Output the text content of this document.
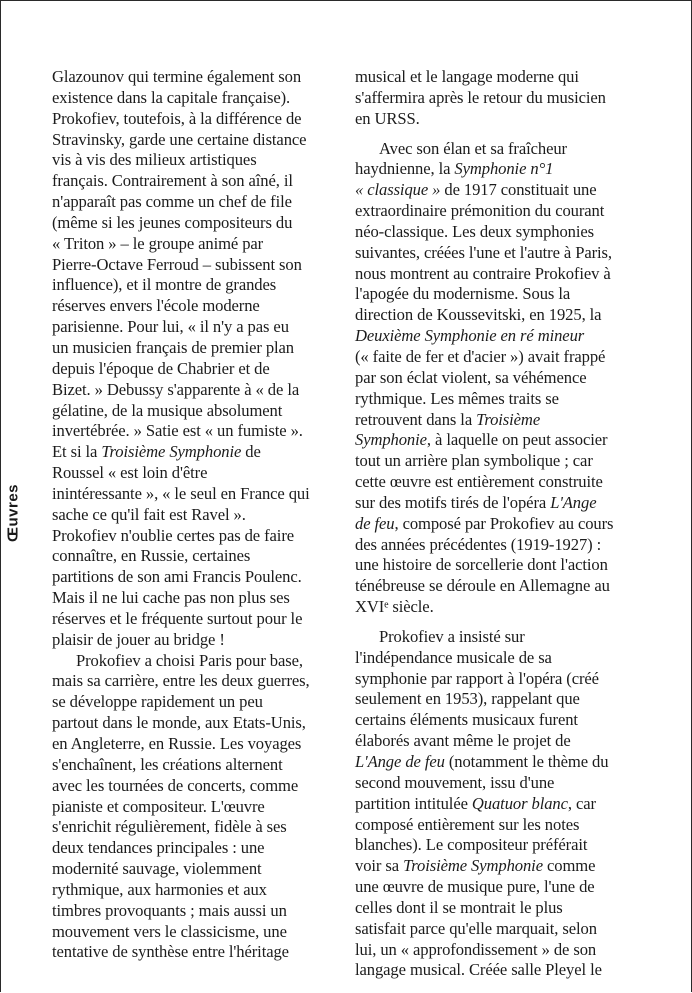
Œuvres
Glazounov qui termine également son
existence dans la capitale française).
Prokofiev, toutefois, à la différence de
Stravinsky, garde une certaine distance
vis à vis des milieux artistiques
français. Contrairement à son aîné, il
n'apparaît pas comme un chef de file
(même si les jeunes compositeurs du
« Triton » – le groupe animé par
Pierre-Octave Ferroud – subissent son
influence), et il montre de grandes
réserves envers l'école moderne
parisienne. Pour lui, « il n'y a pas eu
un musicien français de premier plan
depuis l'époque de Chabrier et de
Bizet. » Debussy s'apparente à « de la
gélatine, de la musique absolument
invertébrée. » Satie est « un fumiste ».
Et si la Troisième Symphonie de
Roussel « est loin d'être
inintéressante », « le seul en France qui
sache ce qu'il fait est Ravel ».
Prokofiev n'oublie certes pas de faire
connaître, en Russie, certaines
partitions de son ami Francis Poulenc.
Mais il ne lui cache pas non plus ses
réserves et le fréquente surtout pour le
plaisir de jouer au bridge !
Prokofiev a choisi Paris pour base,
mais sa carrière, entre les deux guerres,
se développe rapidement un peu
partout dans le monde, aux Etats-Unis,
en Angleterre, en Russie. Les voyages
s'enchaînent, les créations alternent
avec les tournées de concerts, comme
pianiste et compositeur. L'œuvre
s'enrichit régulièrement, fidèle à ses
deux tendances principales : une
modernité sauvage, violemment
rythmique, aux harmonies et aux
timbres provoquants ; mais aussi un
mouvement vers le classicisme, une
tentative de synthèse entre l'héritage
musical et le langage moderne qui
s'affermira après le retour du musicien
en URSS.
Avec son élan et sa fraîcheur
haydnienne, la Symphonie n°1
« classique » de 1917 constituait une
extraordinaire prémonition du courant
néo-classique. Les deux symphonies
suivantes, créées l'une et l'autre à Paris,
nous montrent au contraire Prokofiev à
l'apogée du modernisme. Sous la
direction de Koussevitski, en 1925, la
Deuxième Symphonie en ré mineur
(« faite de fer et d'acier ») avait frappé
par son éclat violent, sa véhémence
rythmique. Les mêmes traits se
retrouvent dans la Troisième
Symphonie, à laquelle on peut associer
tout un arrière plan symbolique ; car
cette œuvre est entièrement construite
sur des motifs tirés de l'opéra L'Ange
de feu, composé par Prokofiev au cours
des années précédentes (1919-1927) :
une histoire de sorcellerie dont l'action
ténébreuse se déroule en Allemagne au
XVIᵉ siècle.
Prokofiev a insisté sur
l'indépendance musicale de sa
symphonie par rapport à l'opéra (créé
seulement en 1953), rappelant que
certains éléments musicaux furent
élaborés avant même le projet de
L'Ange de feu (notamment le thème du
second mouvement, issu d'une
partition intitulée Quatuor blanc, car
composé entièrement sur les notes
blanches). Le compositeur préférait
voir sa Troisième Symphonie comme
une œuvre de musique pure, l'une de
celles dont il se montrait le plus
satisfait parce qu'elle marquait, selon
lui, un « approfondissement » de son
langage musical. Créée salle Pleyel le
